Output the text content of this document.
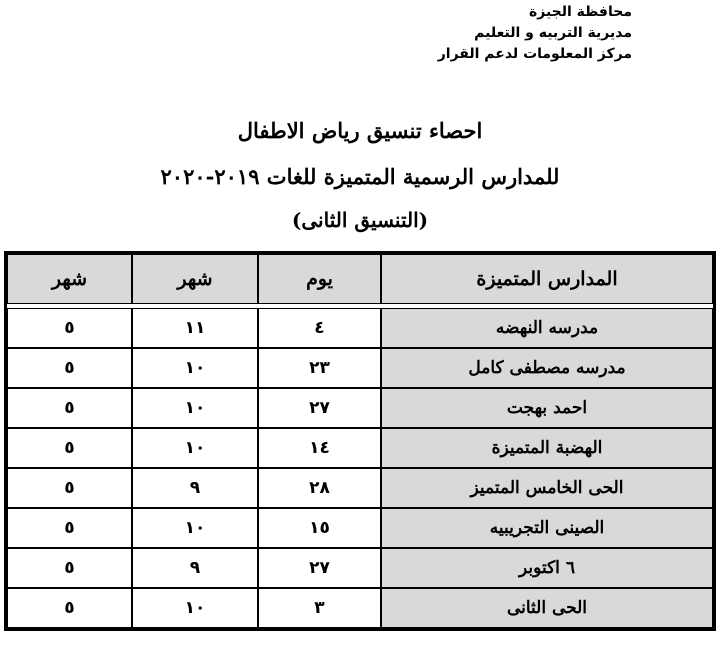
محافظة الجيزة
مديرية التربيه و التعليم
مركز المعلومات لدعم القرار
احصاء تنسيق رياض الاطفال
للمدارس الرسمية المتميزة للغات ٢٠١٩-٢٠٢٠
(التنسيق الثانى)
شهر	شهر	يوم	المدارس المتميزة

٥	١١	٤	مدرسه النهضه
٥	١٠	٢٣	مدرسه مصطفى كامل
٥	١٠	٢٧	احمد بهجت
٥	١٠	١٤	الهضبة المتميزة
٥	٩	٢٨	الحى الخامس المتميز
٥	١٠	١٥	الصينى التجريبيه
٥	٩	٢٧	٦ اكتوبر
٥	١٠	٣	الحى الثانى
